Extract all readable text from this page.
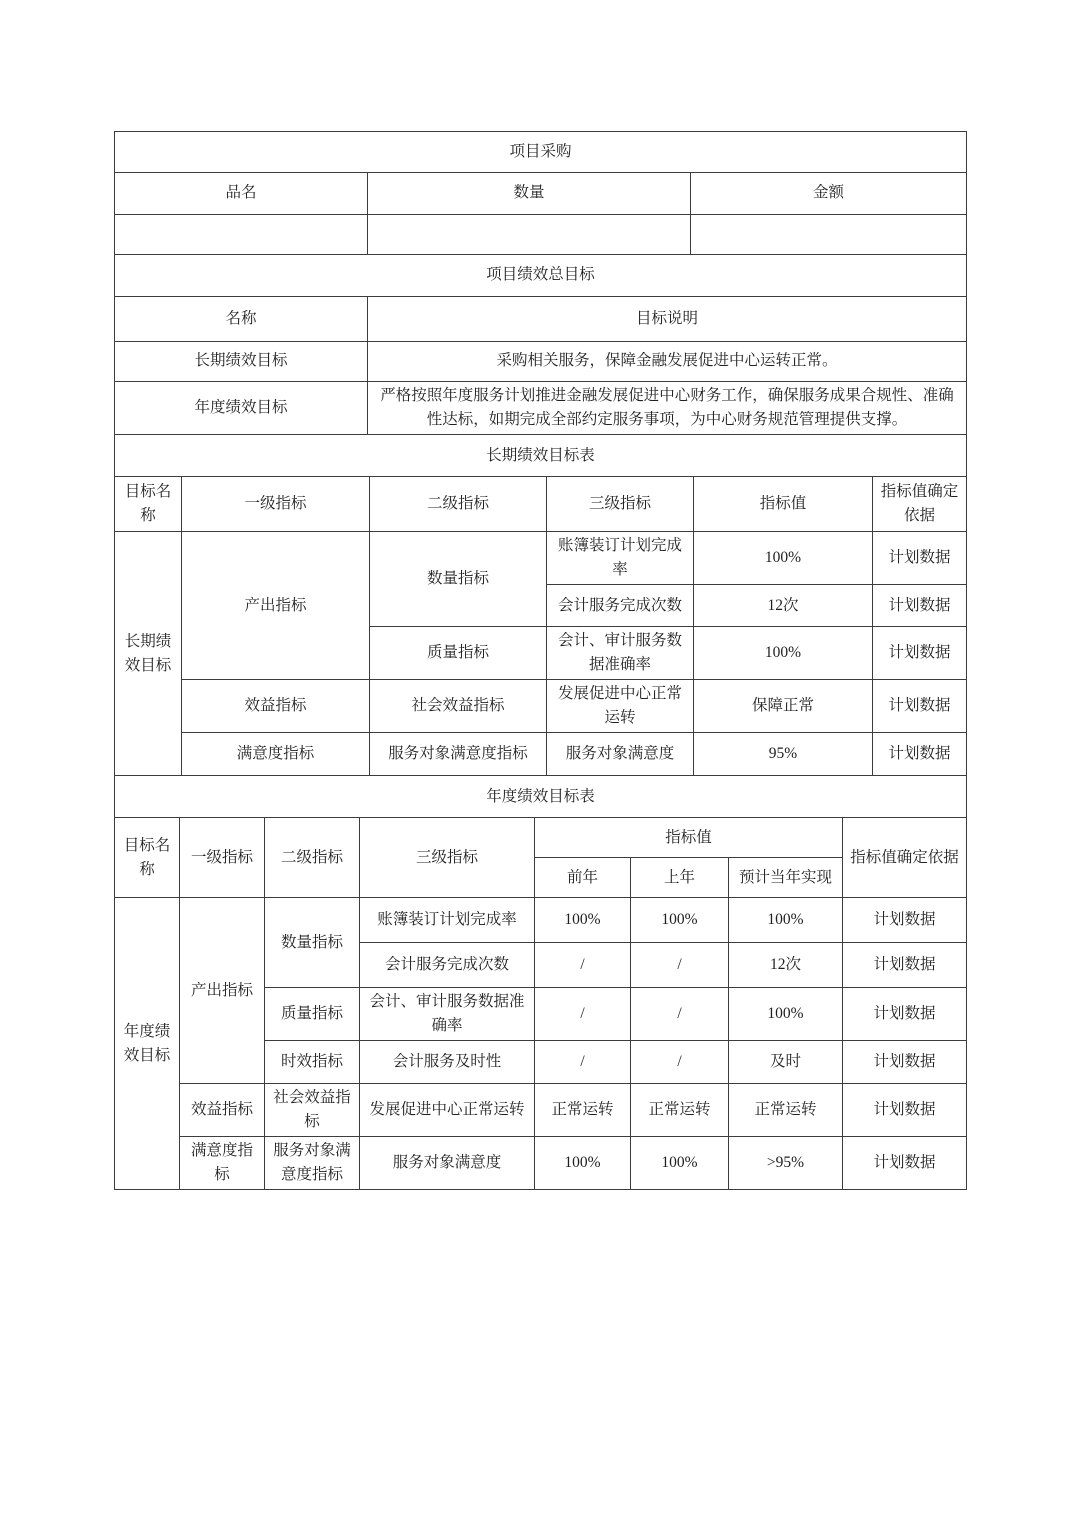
项目采购		
品名	数量	金额

项目绩效总目标	
名称	目标说明
长期绩效目标	采购相关服务，保障金融发展促进中心运转正常。
年度绩效目标	严格按照年度服务计划推进金融发展促进中心财务工作，确保服务成果合规性、准确性达标，如期完成全部约定服务事项，为中心财务规范管理提供支撑。
长期绩效目标表					
目标名称	一级指标	二级指标	三级指标	指标值	指标值确定依据
长期绩效目标	产出指标	数量指标	账簿装订计划完成率	100%	计划数据
			会计服务完成次数	12次	计划数据
		质量指标	会计、审计服务数据准确率	100%	计划数据
	效益指标	社会效益指标	发展促进中心正常运转	保障正常	计划数据
	满意度指标	服务对象满意度指标	服务对象满意度	95%	计划数据
年度绩效目标表							
目标名称	一级指标	二级指标	三级指标	指标值			指标值确定依据
				前年	上年	预计当年实现	
年度绩效目标	产出指标	数量指标	账簿装订计划完成率	100%	100%	100%	计划数据
			会计服务完成次数	/	/	12次	计划数据
		质量指标	会计、审计服务数据准确率	/	/	100%	计划数据
		时效指标	会计服务及时性	/	/	及时	计划数据
	效益指标	社会效益指标	发展促进中心正常运转	正常运转	正常运转	正常运转	计划数据
	满意度指标	服务对象满意度指标	服务对象满意度	100%	100%	>95%	计划数据
